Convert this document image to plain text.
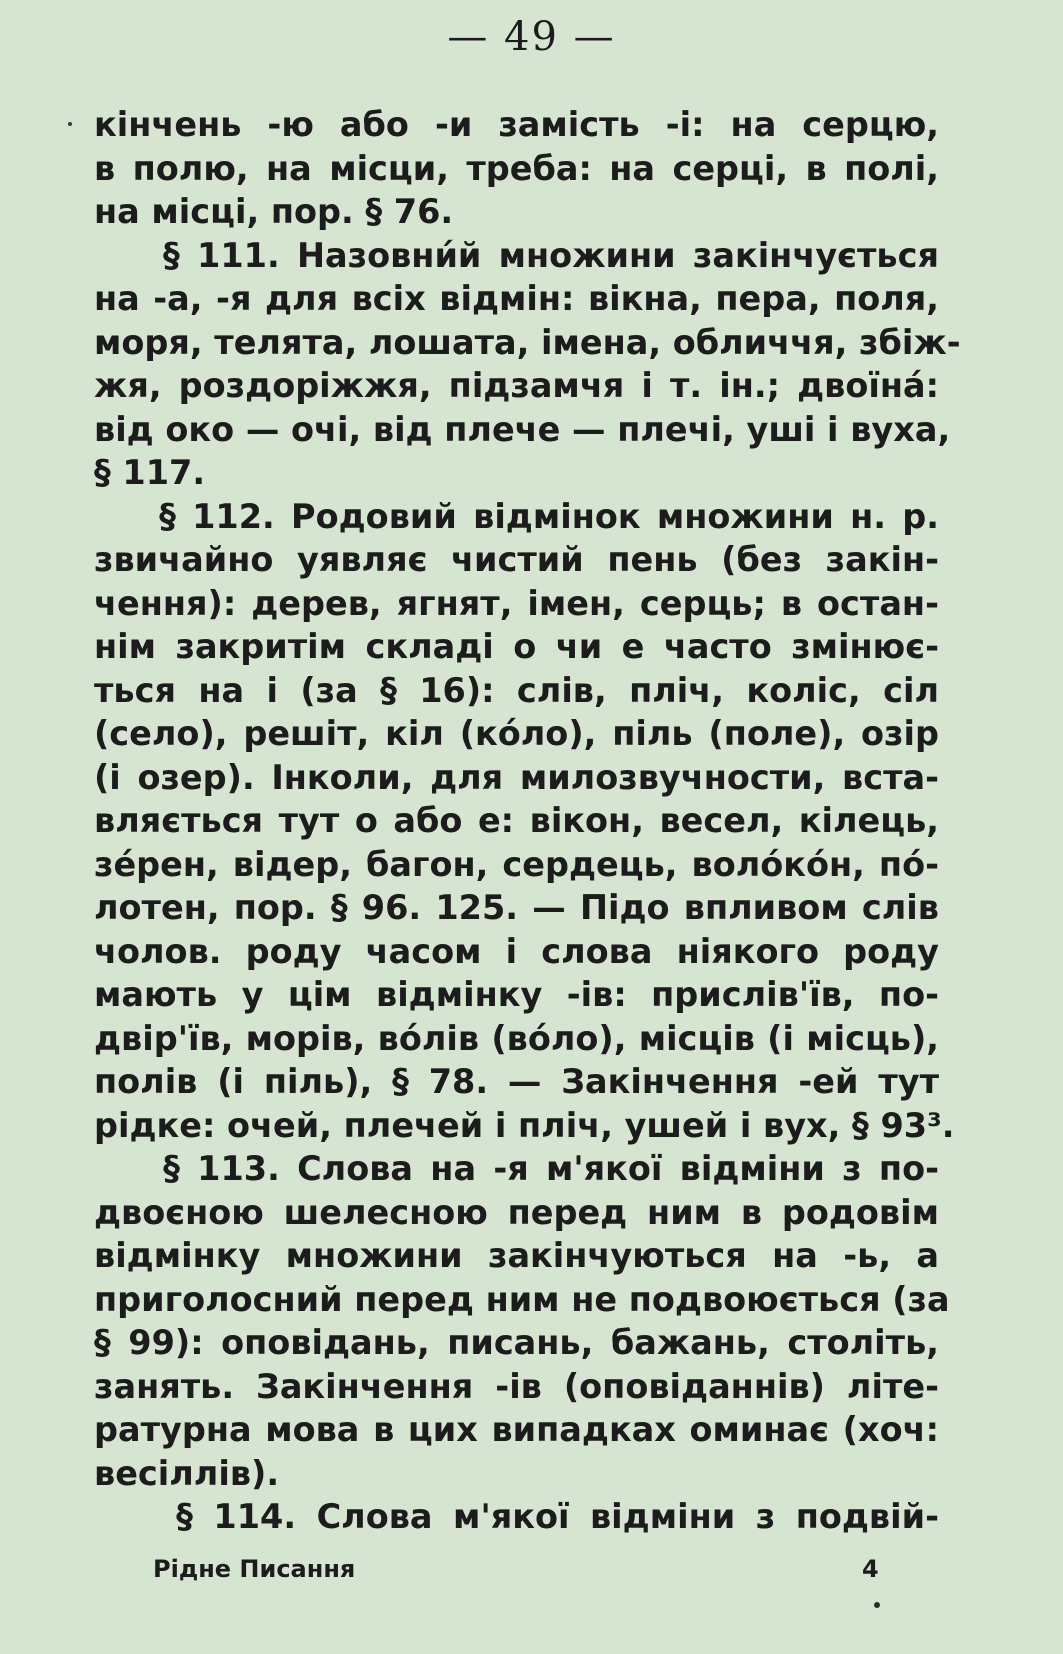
— 49 —
кінчень -ю або -и замість -і: на серцю,
в полю, на місци, треба: на серці, в полі,
на місці, пор. § 76.
§ 111. Назовни́й множини закінчується
на -а, -я для всіх відмін: вікна, пера, поля,
моря, телята, лошата, імена, обличчя, збіж-
жя, роздоріжжя, підзамчя і т. ін.; двоїна́:
від око — очі, від плече — плечі, уші і вуха,
§ 117.
§ 112. Родовий відмінок множини н. р.
звичайно уявляє чистий пень (без закін-
чення): дерев, ягнят, імен, серць; в остан-
нім закритім складі о чи е часто змінює-
ться на і (за § 16): слів, пліч, коліс, сіл
(село), решіт, кіл (ко́ло), піль (поле), озір
(і озер). Інколи, для милозвучности, вста-
вляється тут о або е: вікон, весел, кілець,
зе́рен, відер, багон, сердець, воло́ко́н, по́-
лотен, пор. § 96. 125. — Підо впливом слів
чолов. роду часом і слова ніякого роду
мають у цім відмінку -ів: прислів'їв, по-
двір'їв, морів, во́лів (во́ло), місців (і місць),
полів (і піль), § 78. — Закінчення -ей тут
рідке: очей, плечей і пліч, ушей і вух, § 93³.
§ 113. Слова на -я м'якої відміни з по-
двоєною шелесною перед ним в родовім
відмінку множини закінчуються на -ь, а
приголосний перед ним не подвоюється (за
§ 99): оповідань, писань, бажань, століть,
занять. Закінчення -ів (оповіданнів) літе-
ратурна мова в цих випадках оминає (хоч:
весіллів).
§ 114. Слова м'якої відміни з подвій-
Рідне Писання	4
